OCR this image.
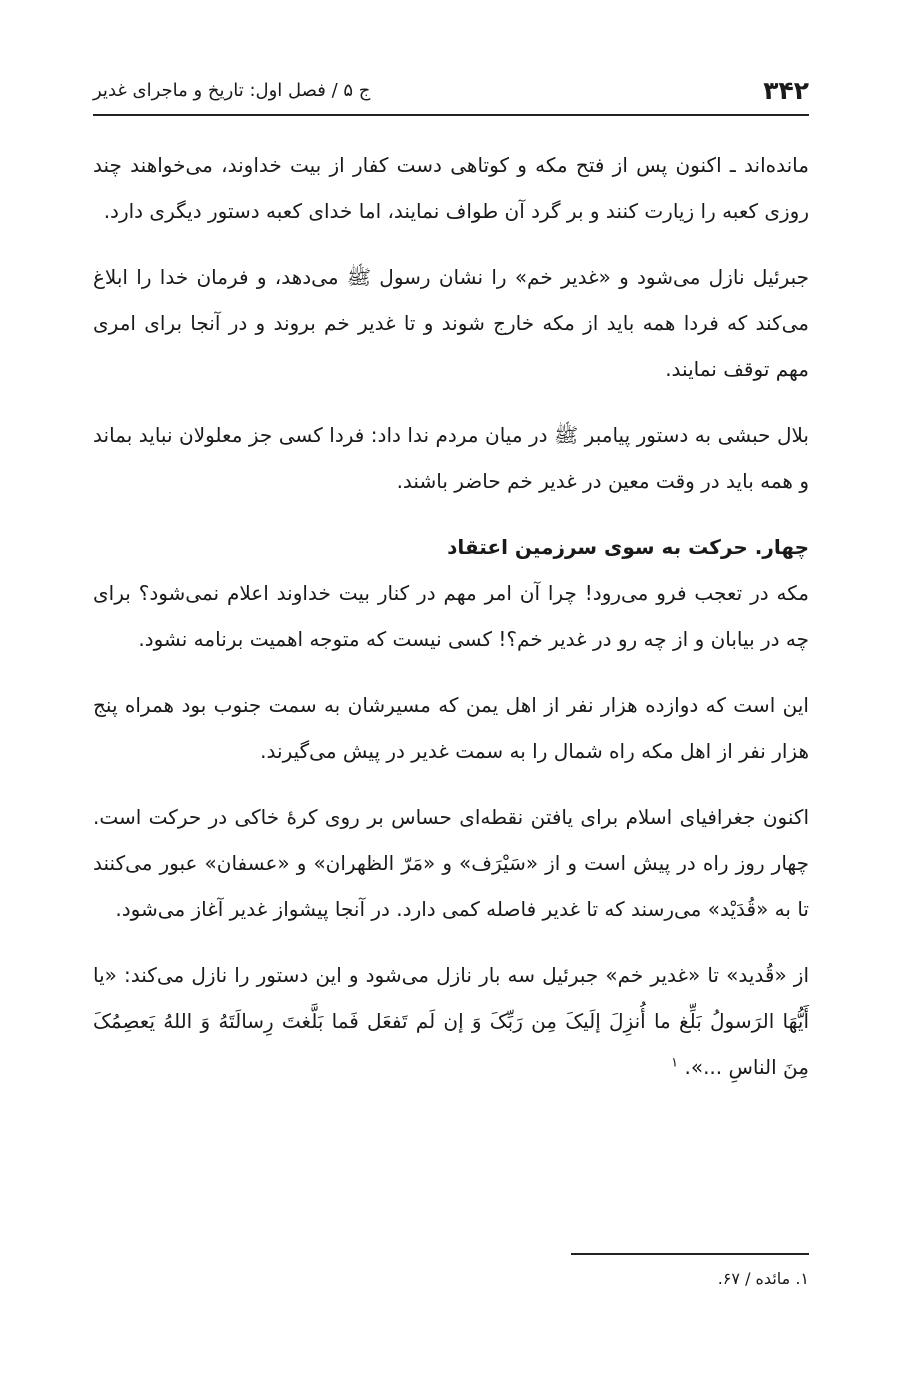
۳۴۲
ج ۵ / فصل اول: تاریخ و ماجرای غدیر

مانده‌اند ـ اکنون پس از فتح مکه و کوتاهی دست کفار از بیت خداوند، می‌خواهند چند روزی کعبه را زیارت کنند و بر گرد آن طواف نمایند، اما خدای کعبه دستور دیگری دارد.

جبرئیل نازل می‌شود و «غدیر خم» را نشان رسول ﷺ می‌دهد، و فرمان خدا را ابلاغ می‌کند که فردا همه باید از مکه خارج شوند و تا غدیر خم بروند و در آنجا برای امری مهم توقف نمایند.

بلال حبشی به دستور پیامبر ﷺ در میان مردم ندا داد: فردا کسی جز معلولان نباید بماند و همه باید در وقت معین در غدیر خم حاضر باشند.

چهار. حرکت به سوی سرزمین اعتقاد

مکه در تعجب فرو می‌رود! چرا آن امر مهم در کنار بیت خداوند اعلام نمی‌شود؟ برای چه در بیابان و از چه رو در غدیر خم؟! کسی نیست که متوجه اهمیت برنامه نشود.

این است که دوازده هزار نفر از اهل یمن که مسیرشان به سمت جنوب بود همراه پنج هزار نفر از اهل مکه راه شمال را به سمت غدیر در پیش می‌گیرند.

اکنون جغرافیای اسلام برای یافتن نقطه‌ای حساس بر روی کرهٔ خاکی در حرکت است. چهار روز راه در پیش است و از «سَیْرَف» و «مَرّ الظهران» و «عسفان» عبور می‌کنند تا به «قُدَیْد» می‌رسند که تا غدیر فاصله کمی دارد. در آنجا پیشواز غدیر آغاز می‌شود.

از «قُدید» تا «غدیر خم» جبرئیل سه بار نازل می‌شود و این دستور را نازل می‌کند: «یا أَیُّهَا الرَسولُ بَلِّغ ما أُنزِلَ إلَیکَ مِن رَبِّکَ وَ إن لَم تَفعَل فَما بَلَّغتَ رِسالَتَهُ وَ اللهُ یَعصِمُکَ مِنَ الناسِ ...». $^۱$

۱. مائده / ۶۷.
